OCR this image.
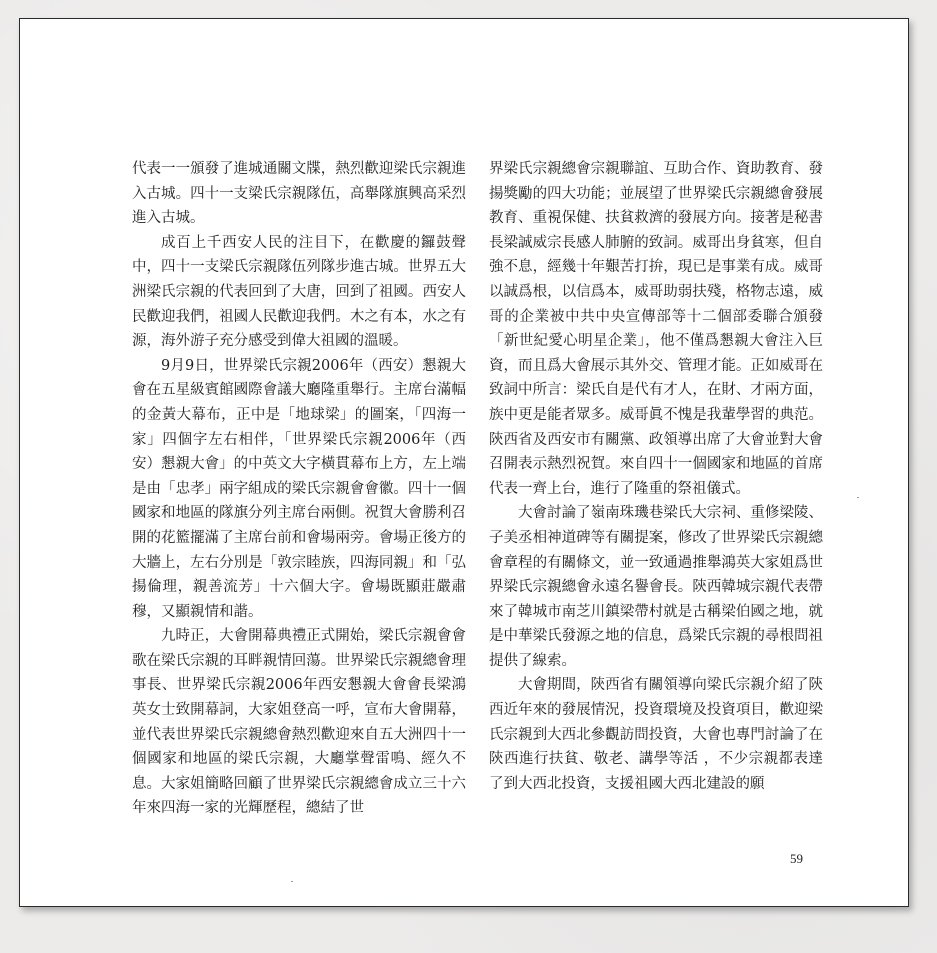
代表一一頒發了進城通關文牒，熱烈歡迎梁氏宗親進入古城。四十一支梁氏宗親隊伍，高舉隊旗興高采烈進入古城。

成百上千西安人民的注目下，在歡慶的鑼鼓聲中，四十一支梁氏宗親隊伍列隊步進古城。世界五大洲梁氏宗親的代表回到了大唐，回到了祖國。西安人民歡迎我們，祖國人民歡迎我們。木之有本，水之有源，海外游子充分感受到偉大祖國的溫暖。

9月9日，世界梁氏宗親2006年（西安）懇親大會在五星級賓館國際會議大廳隆重舉行。主席台滿幅的金黃大幕布，正中是「地球梁」的圖案，「四海一家」四個字左右相伴，「世界梁氏宗親2006年（西安）懇親大會」的中英文大字橫貫幕布上方，左上端是由「忠孝」兩字組成的梁氏宗親會會徽。四十一個國家和地區的隊旗分列主席台兩側。祝賀大會勝利召開的花籃擺滿了主席台前和會場兩旁。會場正後方的大牆上，左右分別是「敦宗睦族，四海同親」和「弘揚倫理，親善流芳」十六個大字。會場既顯莊嚴肅穆，又顯親情和諧。

九時正，大會開幕典禮正式開始，梁氏宗親會會歌在梁氏宗親的耳畔親情回蕩。世界梁氏宗親總會理事長、世界梁氏宗親2006年西安懇親大會會長梁鴻英女士致開幕詞，大家姐登高一呼，宣布大會開幕，並代表世界梁氏宗親總會熱烈歡迎來自五大洲四十一個國家和地區的梁氏宗親，大廳掌聲雷鳴、經久不息。大家姐簡略回顧了世界梁氏宗親總會成立三十六年來四海一家的光輝歷程，總結了世

界梁氏宗親總會宗親聯誼、互助合作、資助教育、發揚獎勵的四大功能；並展望了世界梁氏宗親總會發展教育、重視保健、扶貧救濟的發展方向。接著是秘書長梁誠威宗長感人肺腑的致詞。威哥出身貧寒，但自強不息，經幾十年艱苦打拚，現已是事業有成。威哥以誠爲根，以信爲本，威哥助弱扶殘，格物志遠，威哥的企業被中共中央宣傳部等十二個部委聯合頒發「新世紀愛心明星企業」，他不僅爲懇親大會注入巨資，而且爲大會展示其外交、管理才能。正如威哥在致詞中所言：梁氏自是代有才人，在財、才兩方面，族中更是能者眾多。威哥眞不愧是我輩學習的典范。陝西省及西安市有關黨、政領導出席了大會並對大會召開表示熱烈祝賀。來自四十一個國家和地區的首席代表一齊上台，進行了隆重的祭祖儀式。

大會討論了嶺南珠璣巷梁氏大宗祠、重修梁陵、子美丞相神道碑等有關提案，修改了世界梁氏宗親總會章程的有關條文，並一致通過推舉鴻英大家姐爲世界梁氏宗親總會永遠名譽會長。陝西韓城宗親代表帶來了韓城市南芝川鎮梁帶村就是古稱梁伯國之地，就是中華梁氏發源之地的信息，爲梁氏宗親的尋根問祖提供了線索。

大會期間，陝西省有關領導向梁氏宗親介紹了陝西近年來的發展情況，投資環境及投資項目，歡迎梁氏宗親到大西北參觀訪問投資，大會也專門討論了在陝西進行扶貧、敬老、講學等活 ，不少宗親都表達了到大西北投資，支援祖國大西北建設的願

59
